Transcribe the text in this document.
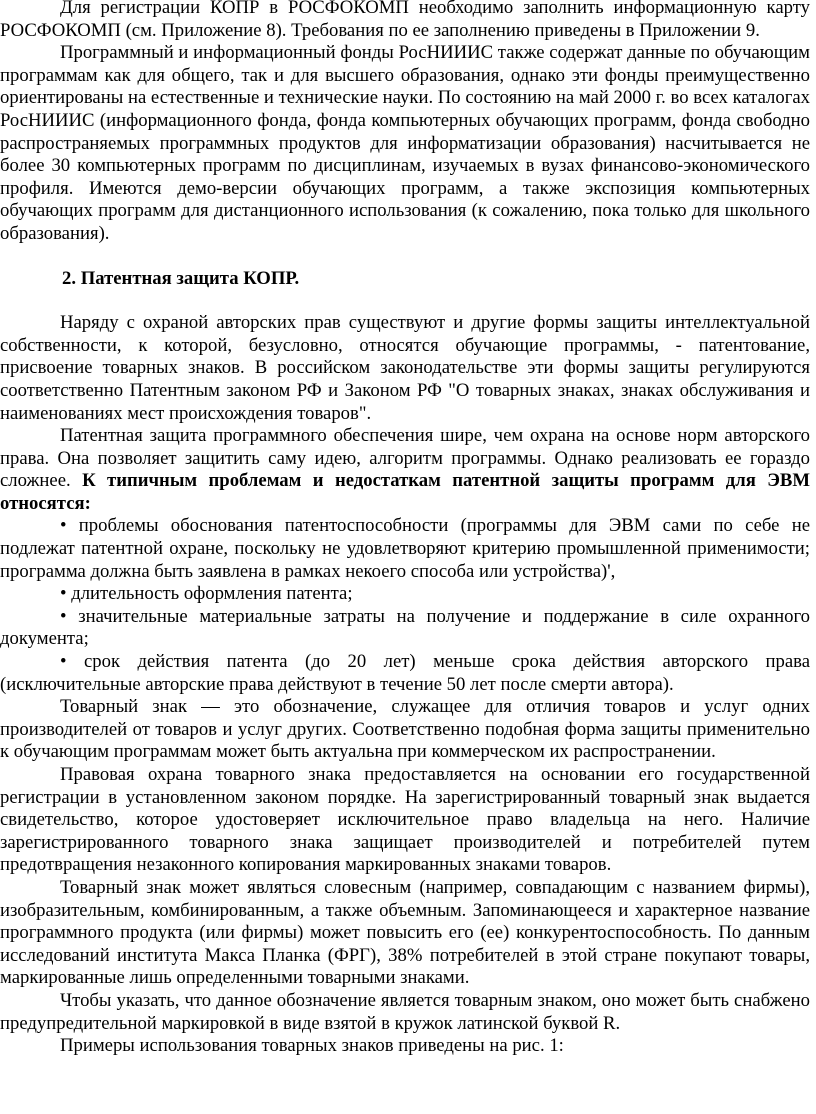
Для регистрации КОПР в РОСФОКОМП необходимо заполнить информационную карту РОСФОКОМП (см. Приложение 8). Требования по ее заполнению приведены в Приложении 9.

Программный и информационный фонды РосНИИИС также содержат данные по обучающим программам как для общего, так и для высшего образования, однако эти фонды преимущественно ориентированы на естественные и технические науки. По состоянию на май 2000 г. во всех каталогах РосНИИИС (информационного фонда, фонда компьютерных обучающих программ, фонда свободно распространяемых программных продуктов для информатизации образования) насчитывается не более 30 компьютерных программ по дисциплинам, изучаемых в вузах финансово-экономического профиля. Имеются демо-версии обучающих программ, а также экспозиция компьютерных обучающих программ для дистанционного использования (к сожалению, пока только для школьного образования).

2. Патентная защита КОПР.

Наряду с охраной авторских прав существуют и другие формы защиты интеллектуальной собственности, к которой, безусловно, относятся обучающие программы, - патентование, присвоение товарных знаков. В российском законодательстве эти формы защиты регулируются соответственно Патентным законом РФ и Законом РФ "О товарных знаках, знаках обслуживания и наименованиях мест происхождения товаров".

Патентная защита программного обеспечения шире, чем охрана на основе норм авторского права. Она позволяет защитить саму идею, алгоритм программы. Однако реализовать ее гораздо сложнее. К типичным проблемам и недостаткам патентной защиты программ для ЭВМ относятся:

• проблемы обоснования патентоспособности (программы для ЭВМ сами по себе не подлежат патентной охране, поскольку не удовлетворяют критерию промышленной применимости; программа должна быть заявлена в рамках некоего способа или устройства)',

• длительность оформления патента;

• значительные материальные затраты на получение и поддержание в силе охранного документа;

• срок действия патента (до 20 лет) меньше срока действия авторского права (исключительные авторские права действуют в течение 50 лет после смерти автора).

Товарный знак — это обозначение, служащее для отличия товаров и услуг одних производителей от товаров и услуг других. Соответственно подобная форма защиты применительно к обучающим программам может быть актуальна при коммерческом их распространении.

Правовая охрана товарного знака предоставляется на основании его государственной регистрации в установленном законом порядке. На зарегистрированный товарный знак выдается свидетельство, которое удостоверяет исключительное право владельца на него. Наличие зарегистрированного товарного знака защищает производителей и потребителей путем предотвращения незаконного копирования маркированных знаками товаров.

Товарный знак может являться словесным (например, совпадающим с названием фирмы), изобразительным, комбинированным, а также объемным. Запоминающееся и характерное название программного продукта (или фирмы) может повысить его (ее) конкурентоспособность. По данным исследований института Макса Планка (ФРГ), 38% потребителей в этой стране покупают товары, маркированные лишь определенными товарными знаками.

Чтобы указать, что данное обозначение является товарным знаком, оно может быть снабжено предупредительной маркировкой в виде взятой в кружок латинской буквой R.

Примеры использования товарных знаков приведены на рис. 1:
